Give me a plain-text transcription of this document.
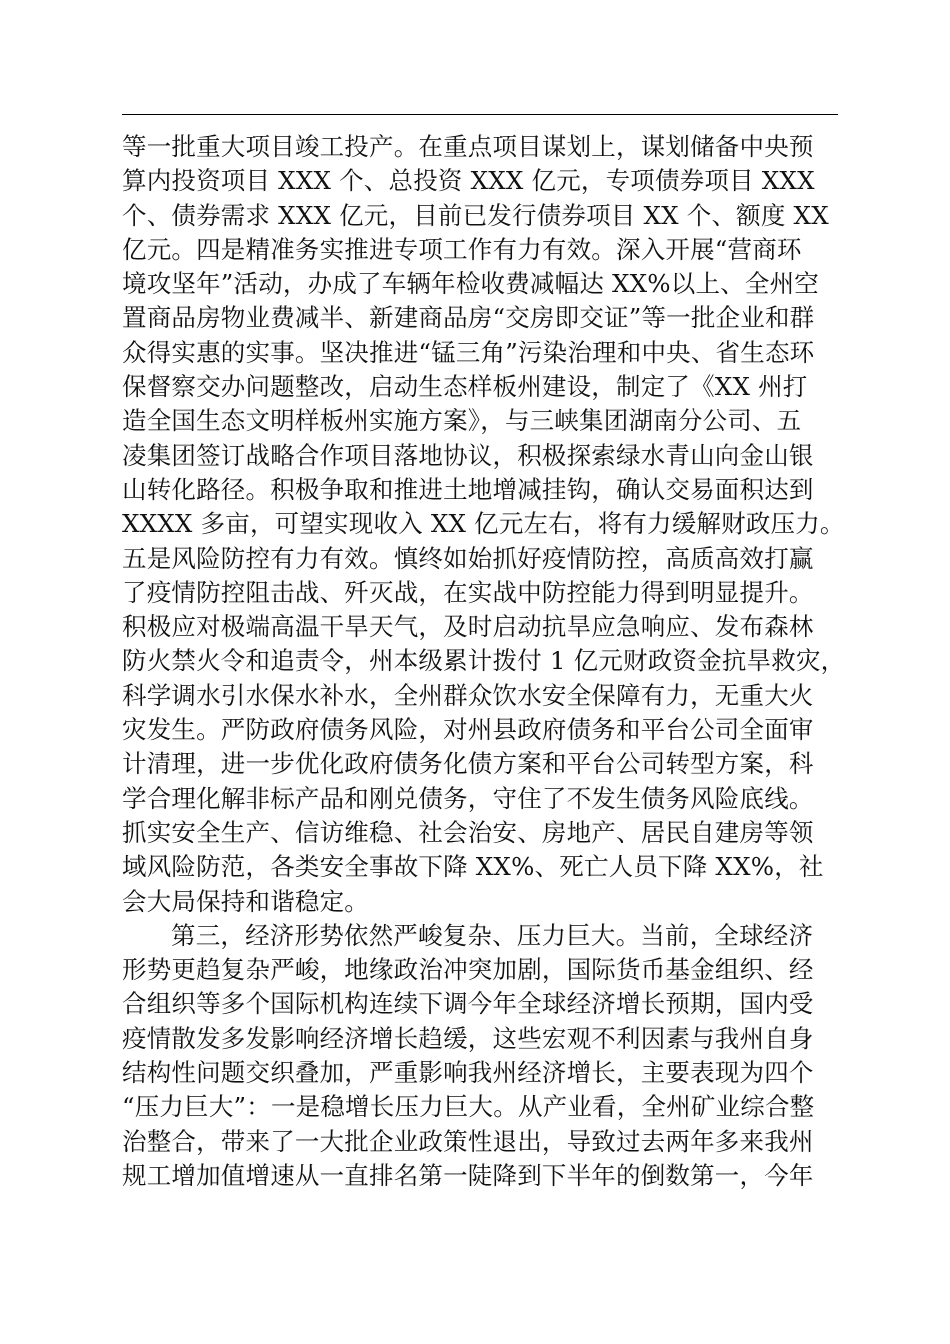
等一批重大项目竣工投产。在重点项目谋划上，谋划储备中央预
算内投资项目 XXX 个、总投资 XXX 亿元，专项债券项目 XXX
个、债券需求 XXX 亿元，目前已发行债券项目 XX 个、额度 XX
亿元。四是精准务实推进专项工作有力有效。深入开展“营商环
境攻坚年”活动，办成了车辆年检收费减幅达 XX%以上、全州空
置商品房物业费减半、新建商品房“交房即交证”等一批企业和群
众得实惠的实事。坚决推进“锰三角”污染治理和中央、省生态环
保督察交办问题整改，启动生态样板州建设，制定了《XX 州打
造全国生态文明样板州实施方案》，与三峡集团湖南分公司、五
凌集团签订战略合作项目落地协议，积极探索绿水青山向金山银
山转化路径。积极争取和推进土地增减挂钩，确认交易面积达到
XXXX 多亩，可望实现收入 XX 亿元左右，将有力缓解财政压力。
五是风险防控有力有效。慎终如始抓好疫情防控，高质高效打赢
了疫情防控阻击战、歼灭战，在实战中防控能力得到明显提升。
积极应对极端高温干旱天气，及时启动抗旱应急响应、发布森林
防火禁火令和追责令，州本级累计拨付 1 亿元财政资金抗旱救灾，
科学调水引水保水补水，全州群众饮水安全保障有力，无重大火
灾发生。严防政府债务风险，对州县政府债务和平台公司全面审
计清理，进一步优化政府债务化债方案和平台公司转型方案，科
学合理化解非标产品和刚兑债务，守住了不发生债务风险底线。
抓实安全生产、信访维稳、社会治安、房地产、居民自建房等领
域风险防范，各类安全事故下降 XX%、死亡人员下降 XX%，社
会大局保持和谐稳定。
第三，经济形势依然严峻复杂、压力巨大。当前，全球经济
形势更趋复杂严峻，地缘政治冲突加剧，国际货币基金组织、经
合组织等多个国际机构连续下调今年全球经济增长预期，国内受
疫情散发多发影响经济增长趋缓，这些宏观不利因素与我州自身
结构性问题交织叠加，严重影响我州经济增长，主要表现为四个
“压力巨大”：一是稳增长压力巨大。从产业看，全州矿业综合整
治整合，带来了一大批企业政策性退出，导致过去两年多来我州
规工增加值增速从一直排名第一陡降到下半年的倒数第一，今年
